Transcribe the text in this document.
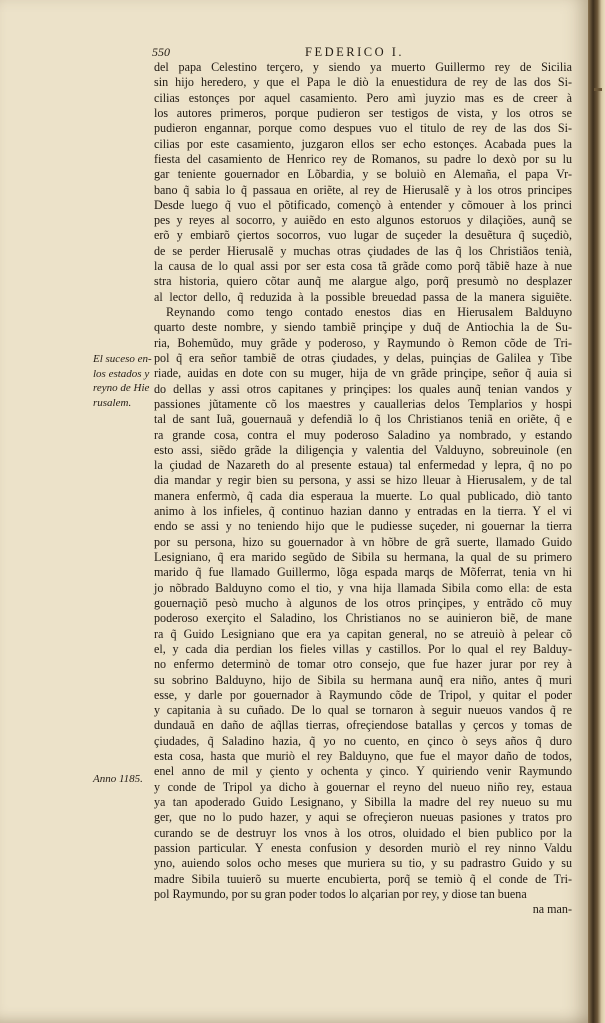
550	FEDERICO I.
El suceso en-
los estados y
reyno de Hie
rusalem.
Anno 1185.
del papa Celestino terçero, y siendo ya muerto Guillermo rey de Sicilia
sin hijo heredero, y que el Papa le diò la enuestidura de rey de las dos Si-
cilias estonçes por aquel casamiento. Pero amì juyzio mas es de creer à
los autores primeros, porque pudieron ser testigos de vista, y los otros se
pudieron engannar, porque como despues vuo el titulo de rey de las dos Si-
cilias por este casamiento, juzgaron ellos ser echo estonçes. Acabada pues la
fiesta del casamiento de Henrico rey de Romanos, su padre lo dexò por su lu
gar teniente gouernador en Lõbardia, y se boluiò en Alemaña, el papa Vr-
bano q̃ sabia lo q̃ passaua en oriẽte, al rey de Hierusalẽ y à los otros principes
Desde luego q̃ vuo el põtificado, començò à entender y cõmouer à los princi
pes y reyes al socorro, y auiẽdo en esto algunos estoruos y dilaçiões, aunq̃ se
erõ y embiarõ çiertos socorros, vuo lugar de suçeder la desuẽtura q̃ suçediò,
de se perder Hierusalẽ y muchas otras çiudades de las q̃ los Christiãos tenià,
la causa de lo qual assi por ser esta cosa tã grãde como porq̃ tãbiẽ haze à nue
stra historia, quiero cõtar aunq̃ me alargue algo, porq̃ presumò no desplazer
al lector dello, q̃ reduzida à la possible breuedad passa de la manera siguiẽte.
Reynando como tengo contado enestos dias en Hierusalem Balduyno
quarto deste nombre, y siendo tambiẽ prinçipe y duq̃ de Antiochia la de Su-
ria, Bohemũdo, muy grãde y poderoso, y Raymundo ò Remon cõde de Tri-
pol q̃ era señor tambiẽ de otras çiudades, y delas, puinçias de Galilea y Tibe
riade, auidas en dote con su muger, hija de vn grãde prinçipe, señor q̃ auia si
do dellas y assi otros capitanes y prinçipes: los quales aunq̃ tenian vandos y
passiones jũtamente cõ los maestres y cauallerias delos Templarios y hospi
tal de sant Iuã, gouernauã y defendiã lo q̃ los Christianos teniã en oriẽte, q̃ e
ra grande cosa, contra el muy poderoso Saladino ya nombrado, y estando
esto assi, siẽdo grãde la diligençia y valentia del Valduyno, sobreuinole (en
la çiudad de Nazareth do al presente estaua) tal enfermedad y lepra, q̃ no po
dia mandar y regir bien su persona, y assi se hizo lleuar à Hierusalem, y de tal
manera enfermò, q̃ cada dia esperaua la muerte. Lo qual publicado, diò tanto
animo à los infieles, q̃ continuo hazian danno y entradas en la tierra. Y el vi
endo se assi y no teniendo hijo que le pudiesse suçeder, ni gouernar la tierra
por su persona, hizo su gouernador à vn hõbre de grã suerte, llamado Guido
Lesigniano, q̃ era marido segũdo de Sibila su hermana, la qual de su primero
marido q̃ fue llamado Guillermo, lõga espada marqs de Mõferrat, tenia vn hi
jo nõbrado Balduyno como el tio, y vna hija llamada Sibila como ella: de esta
gouernaçiõ pesò mucho à algunos de los otros prinçipes, y entrãdo cõ muy
poderoso exerçito el Saladino, los Christianos no se auinieron biẽ, de mane
ra q̃ Guido Lesigniano que era ya capitan general, no se atreuiò à pelear cõ
el, y cada dia perdian los fieles villas y castillos. Por lo qual el rey Balduy-
no enfermo determinò de tomar otro consejo, que fue hazer jurar por rey à
su sobrino Balduyno, hijo de Sibila su hermana aunq̃ era niño, antes q̃ muri
esse, y darle por gouernador à Raymundo cõde de Tripol, y quitar el poder
y capitania à su cuñado. De lo qual se tornaron à seguir nueuos vandos q̃ re
dundauã en daño de aq̃llas tierras, ofreçiendose batallas y çercos y tomas de
çiudades, q̃ Saladino hazia, q̃ yo no cuento, en çinco ò seys años q̃ duro
esta cosa, hasta que muriò el rey Balduyno, que fue el mayor daño de todos,
enel anno de mil y çiento y ochenta y çinco. Y quiriendo venir Raymundo
y conde de Tripol ya dicho à gouernar el reyno del nueuo niño rey, estaua
ya tan apoderado Guido Lesignano, y Sibilla la madre del rey nueuo su mu
ger, que no lo pudo hazer, y aqui se ofreçieron nueuas pasiones y tratos pro
curando se de destruyr los vnos à los otros, oluidado el bien publico por la
passion particular. Y enesta confusion y desorden muriò el rey ninno Valdu
yno, auiendo solos ocho meses que muriera su tio, y su padrastro Guido y su
madre Sibila tuuierõ su muerte encubierta, porq̃ se temiò q̃ el conde de Tri-
pol Raymundo, por su gran poder todos lo alçarian por rey, y diose tan buena
na man-
